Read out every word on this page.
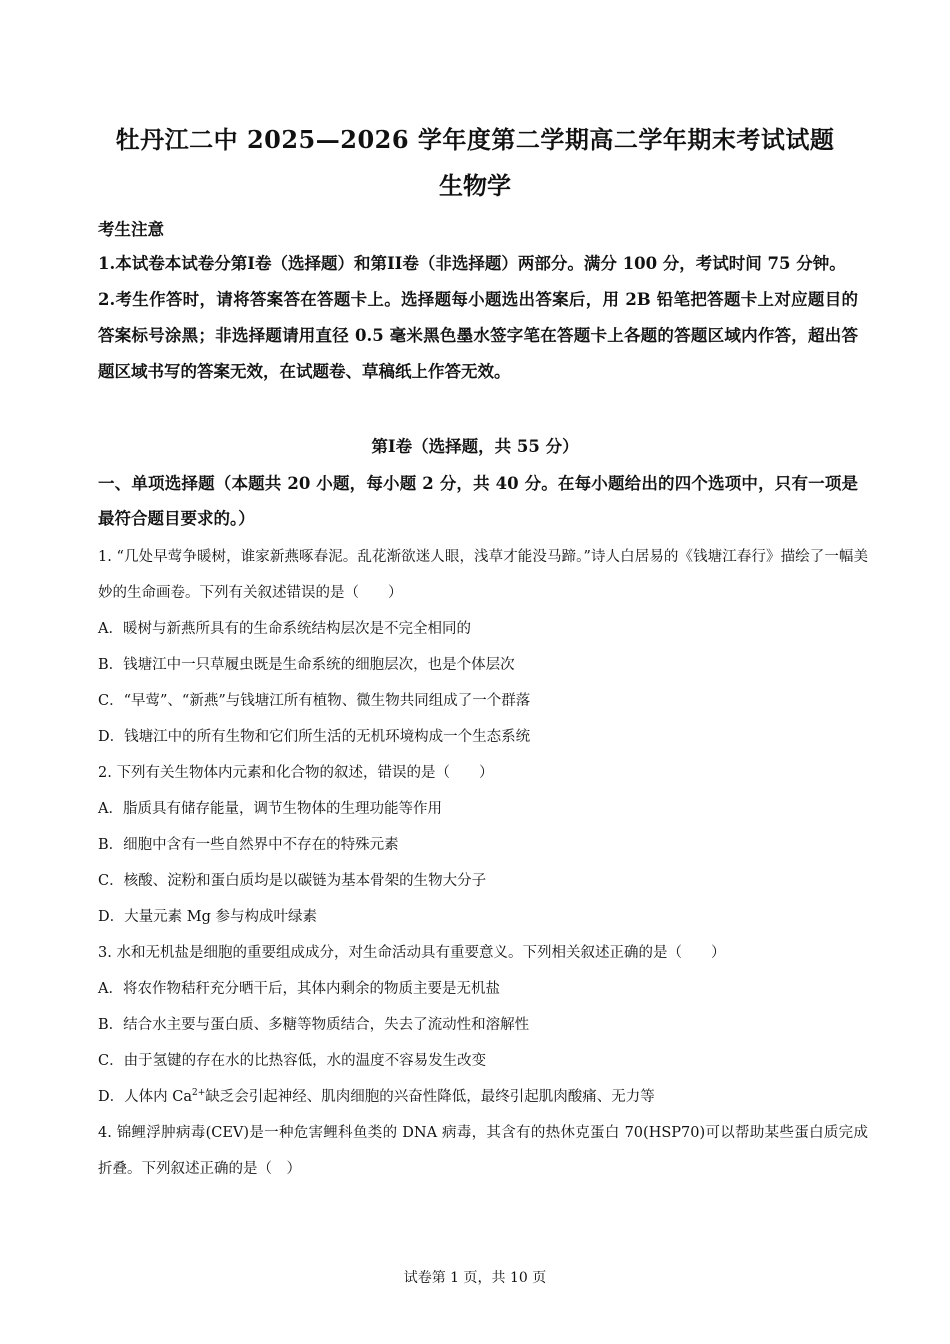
牡丹江二中 2025—2026 学年度第二学期高二学年期末考试试题
生物学
考生注意

1.本试卷本试卷分第I卷（选择题）和第II卷（非选择题）两部分。满分 100 分，考试时间 75 分钟。

2.考生作答时，请将答案答在答题卡上。选择题每小题选出答案后，用 2B 铅笔把答题卡上对应题目的答案标号涂黑；非选择题请用直径 0.5 毫米黑色墨水签字笔在答题卡上各题的答题区域内作答，超出答题区域书写的答案无效，在试题卷、草稿纸上作答无效。

第I卷（选择题，共 55 分）

一、单项选择题（本题共 20 小题，每小题 2 分，共 40 分。在每小题给出的四个选项中，只有一项是最符合题目要求的。）

1. “几处早莺争暖树，谁家新燕啄春泥。乱花渐欲迷人眼，浅草才能没马蹄。”诗人白居易的《钱塘江春行》描绘了一幅美妙的生命画卷。下列有关叙述错误的是（　　）

A．暖树与新燕所具有的生命系统结构层次是不完全相同的

B．钱塘江中一只草履虫既是生命系统的细胞层次，也是个体层次

C．“早莺”、“新燕”与钱塘江所有植物、微生物共同组成了一个群落

D．钱塘江中的所有生物和它们所生活的无机环境构成一个生态系统

2. 下列有关生物体内元素和化合物的叙述，错误的是（　　）

A．脂质具有储存能量，调节生物体的生理功能等作用

B．细胞中含有一些自然界中不存在的特殊元素

C．核酸、淀粉和蛋白质均是以碳链为基本骨架的生物大分子

D．大量元素 Mg 参与构成叶绿素

3. 水和无机盐是细胞的重要组成成分，对生命活动具有重要意义。下列相关叙述正确的是（　　）

A．将农作物秸秆充分晒干后，其体内剩余的物质主要是无机盐

B．结合水主要与蛋白质、多糖等物质结合，失去了流动性和溶解性

C．由于氢键的存在水的比热容低，水的温度不容易发生改变

D．人体内 $Ca^{2+}$缺乏会引起神经、肌肉细胞的兴奋性降低，最终引起肌肉酸痛、无力等

4. 锦鲤浮肿病毒(CEV)是一种危害鲤科鱼类的 DNA 病毒，其含有的热休克蛋白 70(HSP70)可以帮助某些蛋白质完成折叠。下列叙述正确的是（　）

试卷第 1 页，共 10 页
